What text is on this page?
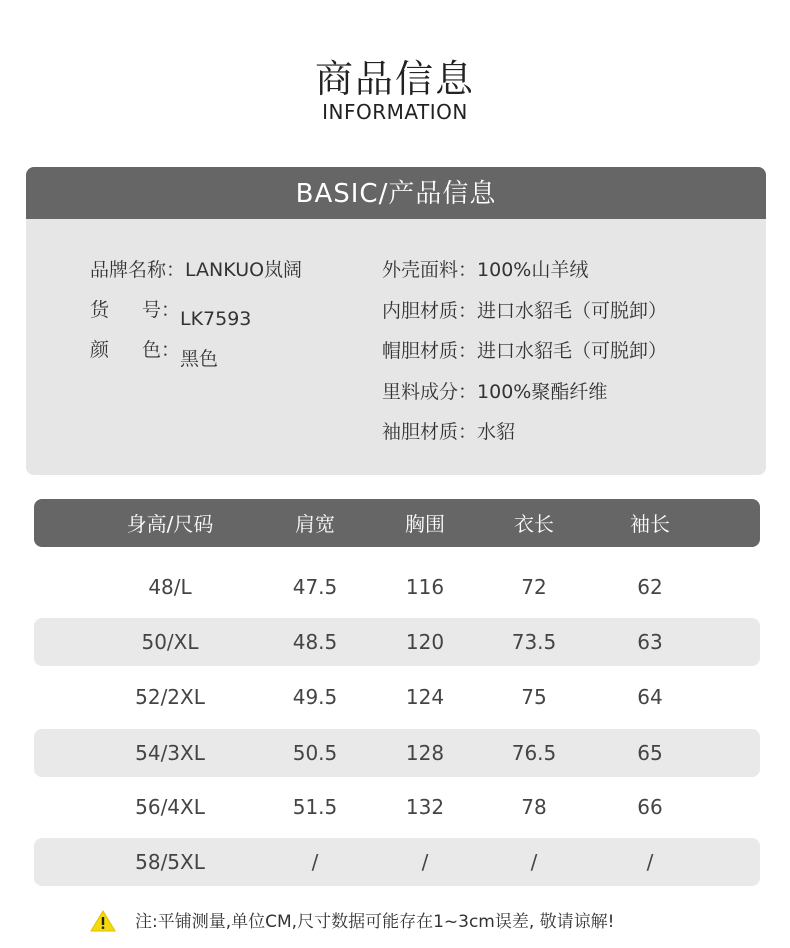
商品信息
INFORMATION
BASIC/产品信息
品牌名称：LANKUO岚阔
货 号： LK7593
颜 色： 黑色
外壳面料：100%山羊绒
内胆材质：进口水貂毛（可脱卸）
帽胆材质：进口水貂毛（可脱卸）
里料成分：100%聚酯纤维
袖胆材质：水貂
身高/尺码	肩宽	胸围	衣长	袖长
48/L	47.5	116	72	62
50/XL	48.5	120	73.5	63
52/2XL	49.5	124	75	64
54/3XL	50.5	128	76.5	65
56/4XL	51.5	132	78	66
58/5XL	/	/	/	/
注:平铺测量,单位CM,尺寸数据可能存在1~3cm误差, 敬请谅解!
